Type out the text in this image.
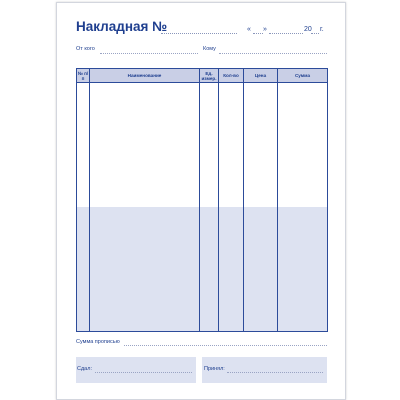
Накладная №	« »	20 г.
От кого	Кому
№ п/п	Наименование	Ед. измер.	Кол-во	Цена	Сумма

Сумма прописью
Сдал:	Принял:
